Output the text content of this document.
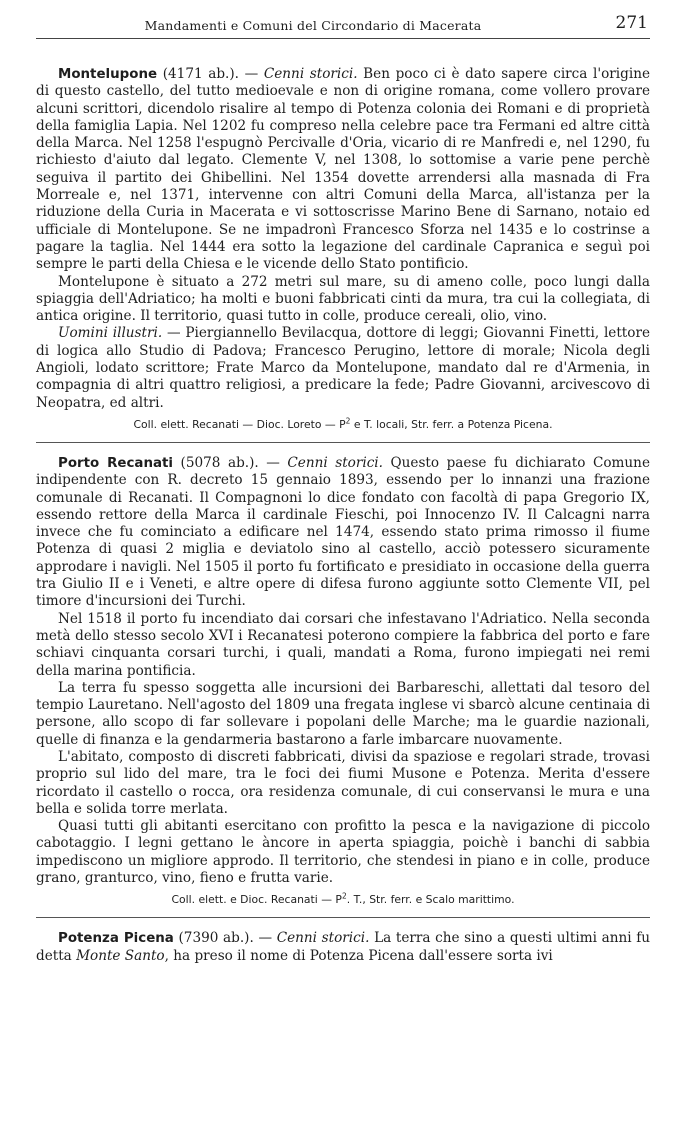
Mandamenti e Comuni del Circondario di Macerata	271

Montelupone (4171 ab.). — Cenni storici. Ben poco ci è dato sapere circa l'origine di questo castello, del tutto medioevale e non di origine romana, come vollero provare alcuni scrittori, dicendolo risalire al tempo di Potenza colonia dei Romani e di proprietà della famiglia Lapia. Nel 1202 fu compreso nella celebre pace tra Fermani ed altre città della Marca. Nel 1258 l'espugnò Percivalle d'Oria, vicario di re Manfredi e, nel 1290, fu richiesto d'aiuto dal legato. Clemente V, nel 1308, lo sottomise a varie pene perchè seguiva il partito dei Ghibellini. Nel 1354 dovette arrendersi alla masnada di Fra Morreale e, nel 1371, intervenne con altri Comuni della Marca, all'istanza per la riduzione della Curia in Macerata e vi sottoscrisse Marino Bene di Sarnano, notaio ed ufficiale di Montelupone. Se ne impadronì Francesco Sforza nel 1435 e lo costrinse a pagare la taglia. Nel 1444 era sotto la legazione del cardinale Capranica e seguì poi sempre le parti della Chiesa e le vicende dello Stato pontificio.

Montelupone è situato a 272 metri sul mare, su di ameno colle, poco lungi dalla spiaggia dell'Adriatico; ha molti e buoni fabbricati cinti da mura, tra cui la collegiata, di antica origine. Il territorio, quasi tutto in colle, produce cereali, olio, vino.

Uomini illustri. — Piergiannello Bevilacqua, dottore di leggi; Giovanni Finetti, lettore di logica allo Studio di Padova; Francesco Perugino, lettore di morale; Nicola degli Angioli, lodato scrittore; Frate Marco da Montelupone, mandato dal re d'Armenia, in compagnia di altri quattro religiosi, a predicare la fede; Padre Giovanni, arcivescovo di Neopatra, ed altri.

Coll. elett. Recanati — Dioc. Loreto — $P^2$ e T. locali, Str. ferr. a Potenza Picena.

Porto Recanati (5078 ab.). — Cenni storici. Questo paese fu dichiarato Comune indipendente con R. decreto 15 gennaio 1893, essendo per lo innanzi una frazione comunale di Recanati. Il Compagnoni lo dice fondato con facoltà di papa Gregorio IX, essendo rettore della Marca il cardinale Fieschi, poi Innocenzo IV. Il Calcagni narra invece che fu cominciato a edificare nel 1474, essendo stato prima rimosso il fiume Potenza di quasi 2 miglia e deviatolo sino al castello, acciò potessero sicuramente approdare i navigli. Nel 1505 il porto fu fortificato e presidiato in occasione della guerra tra Giulio II e i Veneti, e altre opere di difesa furono aggiunte sotto Clemente VII, pel timore d'incursioni dei Turchi.

Nel 1518 il porto fu incendiato dai corsari che infestavano l'Adriatico. Nella seconda metà dello stesso secolo XVI i Recanatesi poterono compiere la fabbrica del porto e fare schiavi cinquanta corsari turchi, i quali, mandati a Roma, furono impiegati nei remi della marina pontificia.

La terra fu spesso soggetta alle incursioni dei Barbareschi, allettati dal tesoro del tempio Lauretano. Nell'agosto del 1809 una fregata inglese vi sbarcò alcune centinaia di persone, allo scopo di far sollevare i popolani delle Marche; ma le guardie nazionali, quelle di finanza e la gendarmeria bastarono a farle imbarcare nuovamente.

L'abitato, composto di discreti fabbricati, divisi da spaziose e regolari strade, trovasi proprio sul lido del mare, tra le foci dei fiumi Musone e Potenza. Merita d'essere ricordato il castello o rocca, ora residenza comunale, di cui conservansi le mura e una bella e solida torre merlata.

Quasi tutti gli abitanti esercitano con profitto la pesca e la navigazione di piccolo cabotaggio. I legni gettano le àncore in aperta spiaggia, poichè i banchi di sabbia impediscono un migliore approdo. Il territorio, che stendesi in piano e in colle, produce grano, granturco, vino, fieno e frutta varie.

Coll. elett. e Dioc. Recanati — $P^2$. T., Str. ferr. e Scalo marittimo.

Potenza Picena (7390 ab.). — Cenni storici. La terra che sino a questi ultimi anni fu detta Monte Santo, ha preso il nome di Potenza Picena dall'essere sorta ivi
